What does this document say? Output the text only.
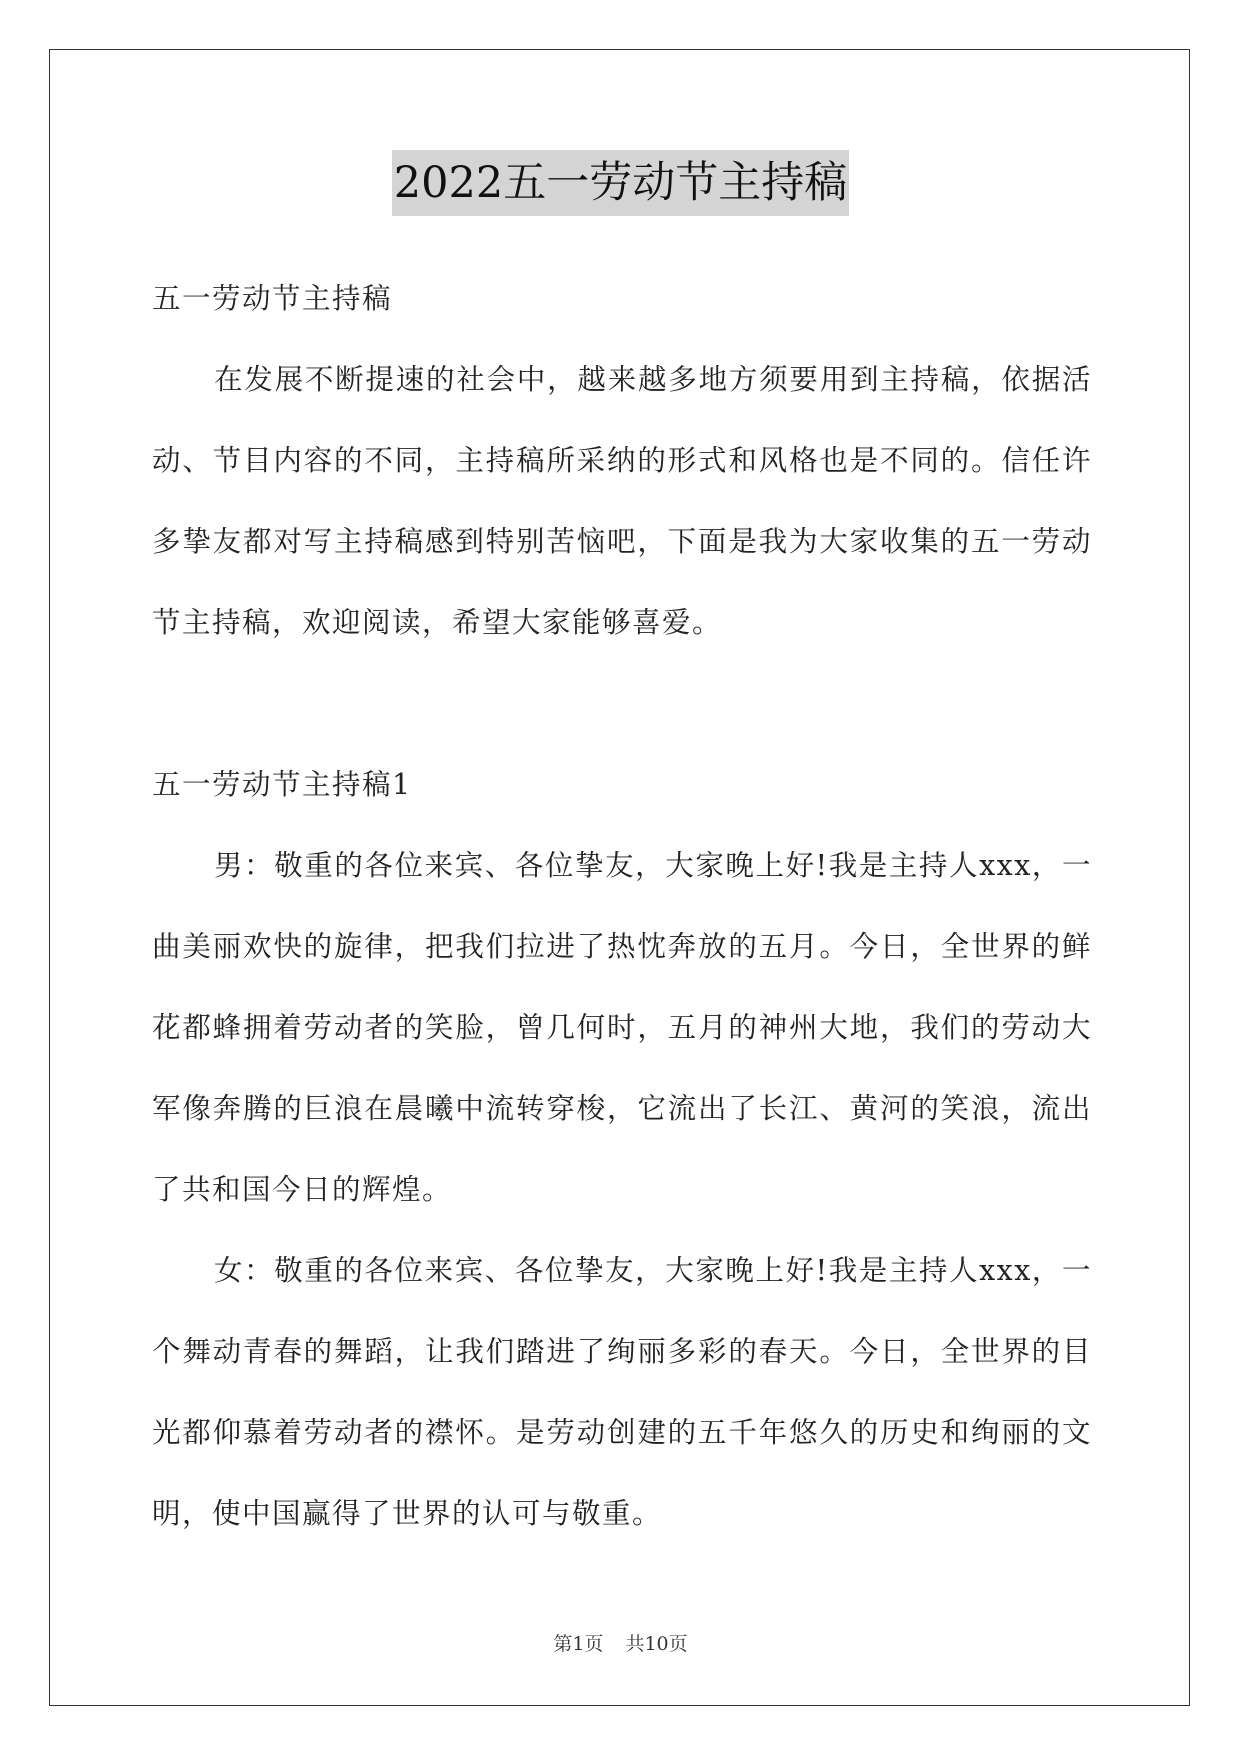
2022五一劳动节主持稿

五一劳动节主持稿

在发展不断提速的社会中，越来越多地方须要用到主持稿，依据活动、节目内容的不同，主持稿所采纳的形式和风格也是不同的。信任许多挚友都对写主持稿感到特别苦恼吧，下面是我为大家收集的五一劳动节主持稿，欢迎阅读，希望大家能够喜爱。

五一劳动节主持稿1

男：敬重的各位来宾、各位挚友，大家晚上好!我是主持人xxx，一曲美丽欢快的旋律，把我们拉进了热忱奔放的五月。今日，全世界的鲜花都蜂拥着劳动者的笑脸，曾几何时，五月的神州大地，我们的劳动大军像奔腾的巨浪在晨曦中流转穿梭，它流出了长江、黄河的笑浪，流出了共和国今日的辉煌。

女：敬重的各位来宾、各位挚友，大家晚上好!我是主持人xxx，一个舞动青春的舞蹈，让我们踏进了绚丽多彩的春天。今日，全世界的目光都仰慕着劳动者的襟怀。是劳动创建的五千年悠久的历史和绚丽的文明，使中国赢得了世界的认可与敬重。

第1页 共10页
